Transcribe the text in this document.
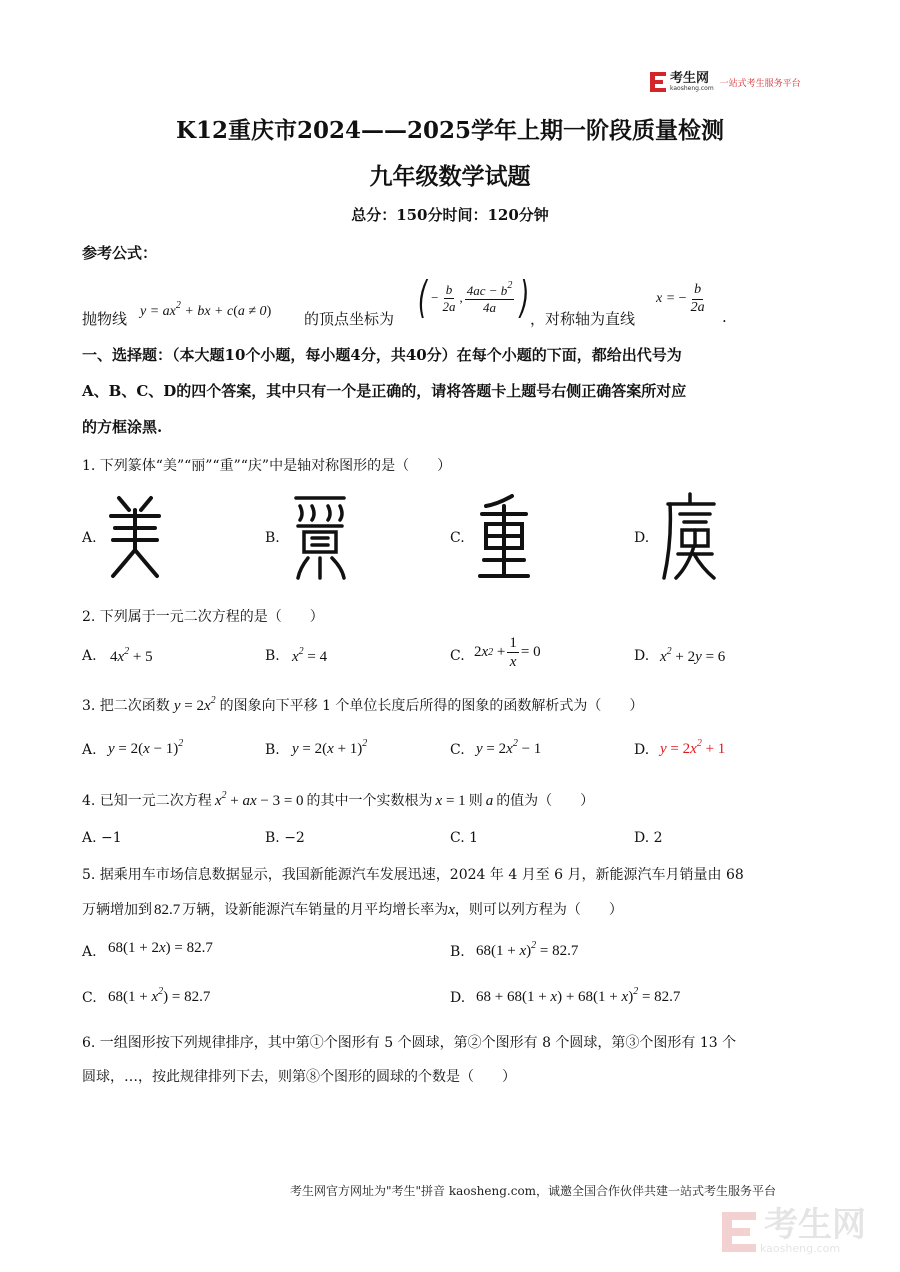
考生网
kaosheng.com 一站式考生服务平台
K12重庆市2024——2025学年上期一阶段质量检测
九年级数学试题
总分：150分时间：120分钟
参考公式：
抛物线 $y = ax^2$ + bx + c(a ≠ 0) 的顶点坐标为 ( − $\frac{b}{2a}$ , $\frac{4ac - b^2}{4a}$ ) ，对称轴为直线
x = − $\frac{b}{2a}$
.
一、选择题：（本大题10个小题，每小题4分，共40分）在每个小题的下面，都给出代号为
A、B、C、D的四个答案，其中只有一个是正确的，请将答题卡上题号右侧正确答案所对应
的方框涂黑.
1. 下列篆体“美”“丽”“重”“庆”中是轴对称图形的是（　　）
A.	B.	C.	D.
2. 下列属于一元二次方程的是（　　）
A. $4x^2 + 5$	B. $x^2 = 4$	C. 2 x 2
+ $\frac{1}{x} = 0$	D. $x^2 + 2y = 6$
3. 把二次函数 $y = 2x^2$ 的图象向下平移 1 个单位长度后所得的图象的函数解析式为（　　）
A. $y = 2(x - 1)^2$	B. $y = 2(x + 1)^2$	C. $y = 2x^2 - 1$	D. $y = 2x^2 + 1$
4. 已知一元二次方程 $x^2$ + ax − 3 = 0 的其中一个实数根为 x = 1 则 a 的值为（　　）
A. −1	B. −2	C. 1	D. 2
5. 据乘用车市场信息数据显示，我国新能源汽车发展迅速，2024 年 4 月至 6 月，新能源汽车月销量由 68
万辆增加到 82.7 万辆，设新能源汽车销量的月平均增长率为 x ，则可以列方程为（　　）
A. 68(1 + 2x) = 82.7	B. $68(1 + x)^2 = 82.7$
C. $68(1 + x^2) = 82.7$	D. $68 + 68(1 + x) + 68(1 + x)^2 = 82.7$
6. 一组图形按下列规律排序，其中第①个图形有 5 个圆球，第②个图形有 8 个圆球，第③个图形有 13 个
圆球，…，按此规律排列下去，则第⑧个图形的圆球的个数是（　　）
考生网官方网址为"考生"拼音 kaosheng.com，诚邀全国合作伙伴共建一站式考生服务平台
考生网
kaosheng.com
